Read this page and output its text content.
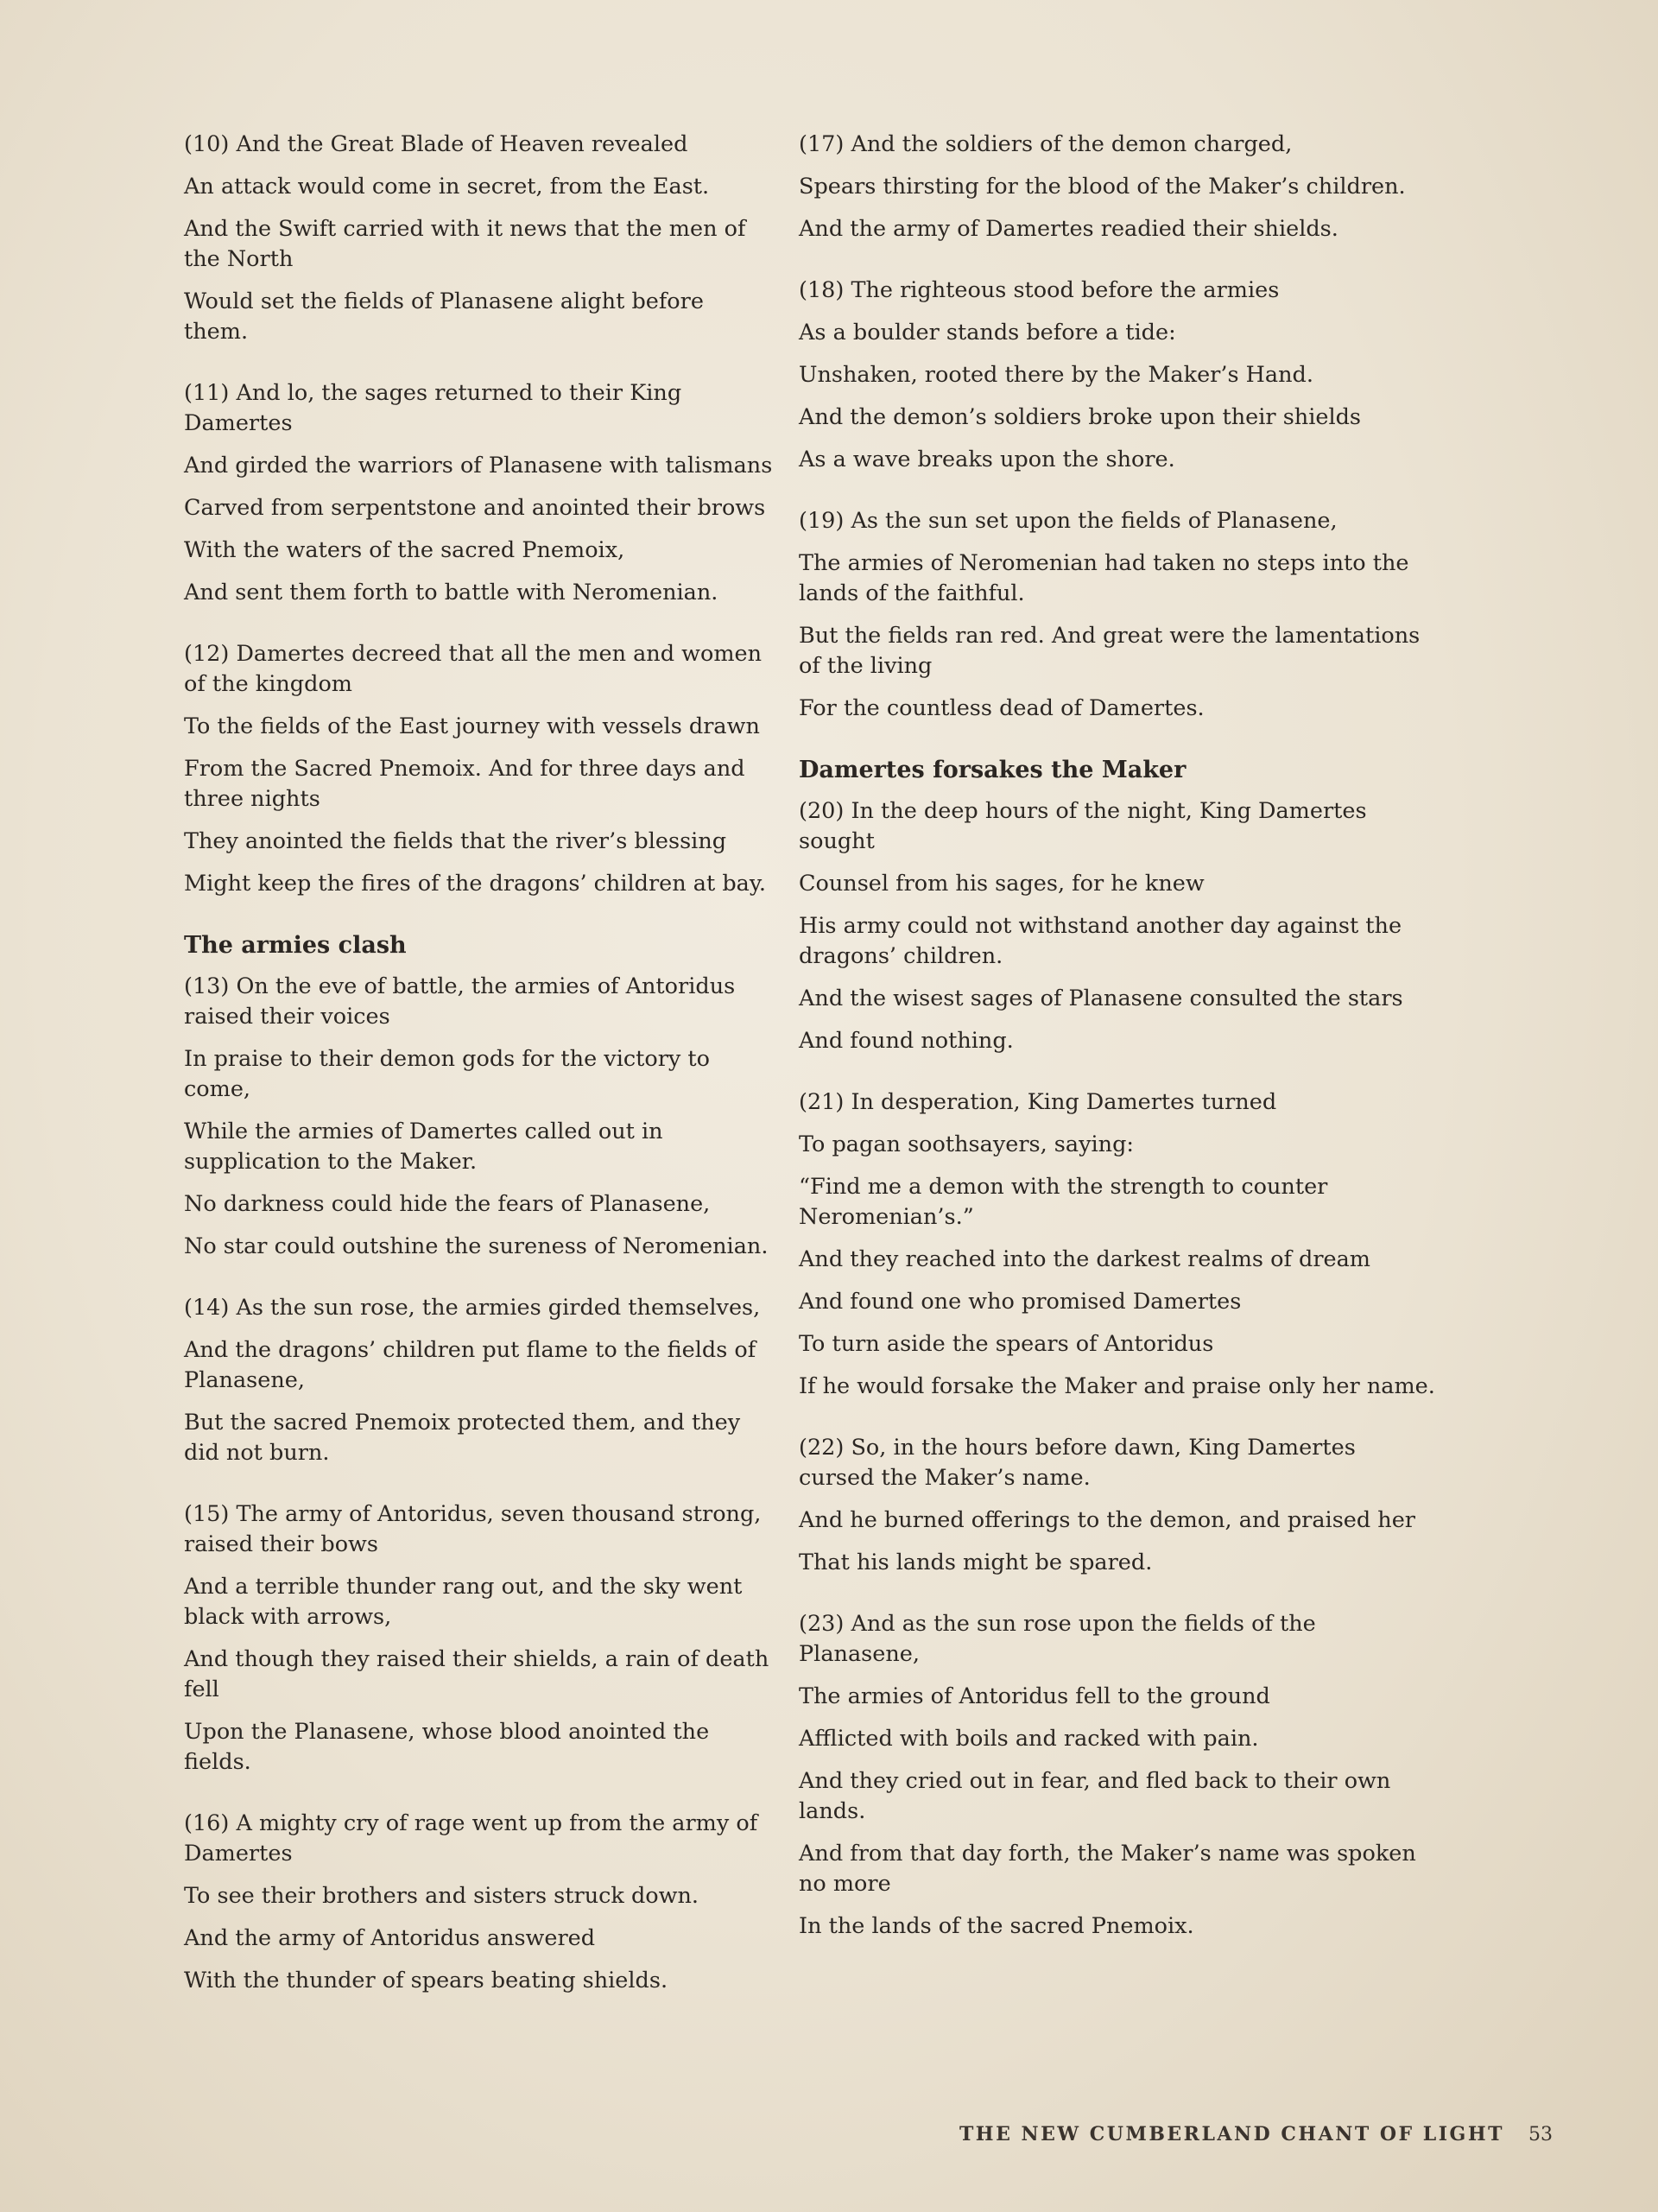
(10) And the Great Blade of Heaven revealed
An attack would come in secret, from the East.
And the Swift carried with it news that the men of the North
Would set the fields of Planasene alight before them.
(11) And lo, the sages returned to their King Damertes
And girded the warriors of Planasene with talismans
Carved from serpentstone and anointed their brows
With the waters of the sacred Pnemoix,
And sent them forth to battle with Neromenian.
(12) Damertes decreed that all the men and women of the kingdom
To the fields of the East journey with vessels drawn
From the Sacred Pnemoix. And for three days and three nights
They anointed the fields that the river’s blessing
Might keep the fires of the dragons’ children at bay.
The armies clash
(13) On the eve of battle, the armies of Antoridus raised their voices
In praise to their demon gods for the victory to come,
While the armies of Damertes called out in supplication to the Maker.
No darkness could hide the fears of Planasene,
No star could outshine the sureness of Neromenian.
(14) As the sun rose, the armies girded themselves,
And the dragons’ children put flame to the fields of Planasene,
But the sacred Pnemoix protected them, and they did not burn.
(15) The army of Antoridus, seven thousand strong, raised their bows
And a terrible thunder rang out, and the sky went black with arrows,
And though they raised their shields, a rain of death fell
Upon the Planasene, whose blood anointed the fields.
(16) A mighty cry of rage went up from the army of Damertes
To see their brothers and sisters struck down.
And the army of Antoridus answered
With the thunder of spears beating shields.
(17) And the soldiers of the demon charged,
Spears thirsting for the blood of the Maker’s children.
And the army of Damertes readied their shields.
(18) The righteous stood before the armies
As a boulder stands before a tide:
Unshaken, rooted there by the Maker’s Hand.
And the demon’s soldiers broke upon their shields
As a wave breaks upon the shore.
(19) As the sun set upon the fields of Planasene,
The armies of Neromenian had taken no steps into the lands of the faithful.
But the fields ran red. And great were the lamentations of the living
For the countless dead of Damertes.
Damertes forsakes the Maker
(20) In the deep hours of the night, King Damertes sought
Counsel from his sages, for he knew
His army could not withstand another day against the dragons’ children.
And the wisest sages of Planasene consulted the stars
And found nothing.
(21) In desperation, King Damertes turned
To pagan soothsayers, saying:
“Find me a demon with the strength to counter Neromenian’s.”
And they reached into the darkest realms of dream
And found one who promised Damertes
To turn aside the spears of Antoridus
If he would forsake the Maker and praise only her name.
(22) So, in the hours before dawn, King Damertes cursed the Maker’s name.
And he burned offerings to the demon, and praised her
That his lands might be spared.
(23) And as the sun rose upon the fields of the Planasene,
The armies of Antoridus fell to the ground
Afflicted with boils and racked with pain.
And they cried out in fear, and fled back to their own lands.
And from that day forth, the Maker’s name was spoken no more
In the lands of the sacred Pnemoix.
THE NEW CUMBERLAND CHANT OF LIGHT 53
